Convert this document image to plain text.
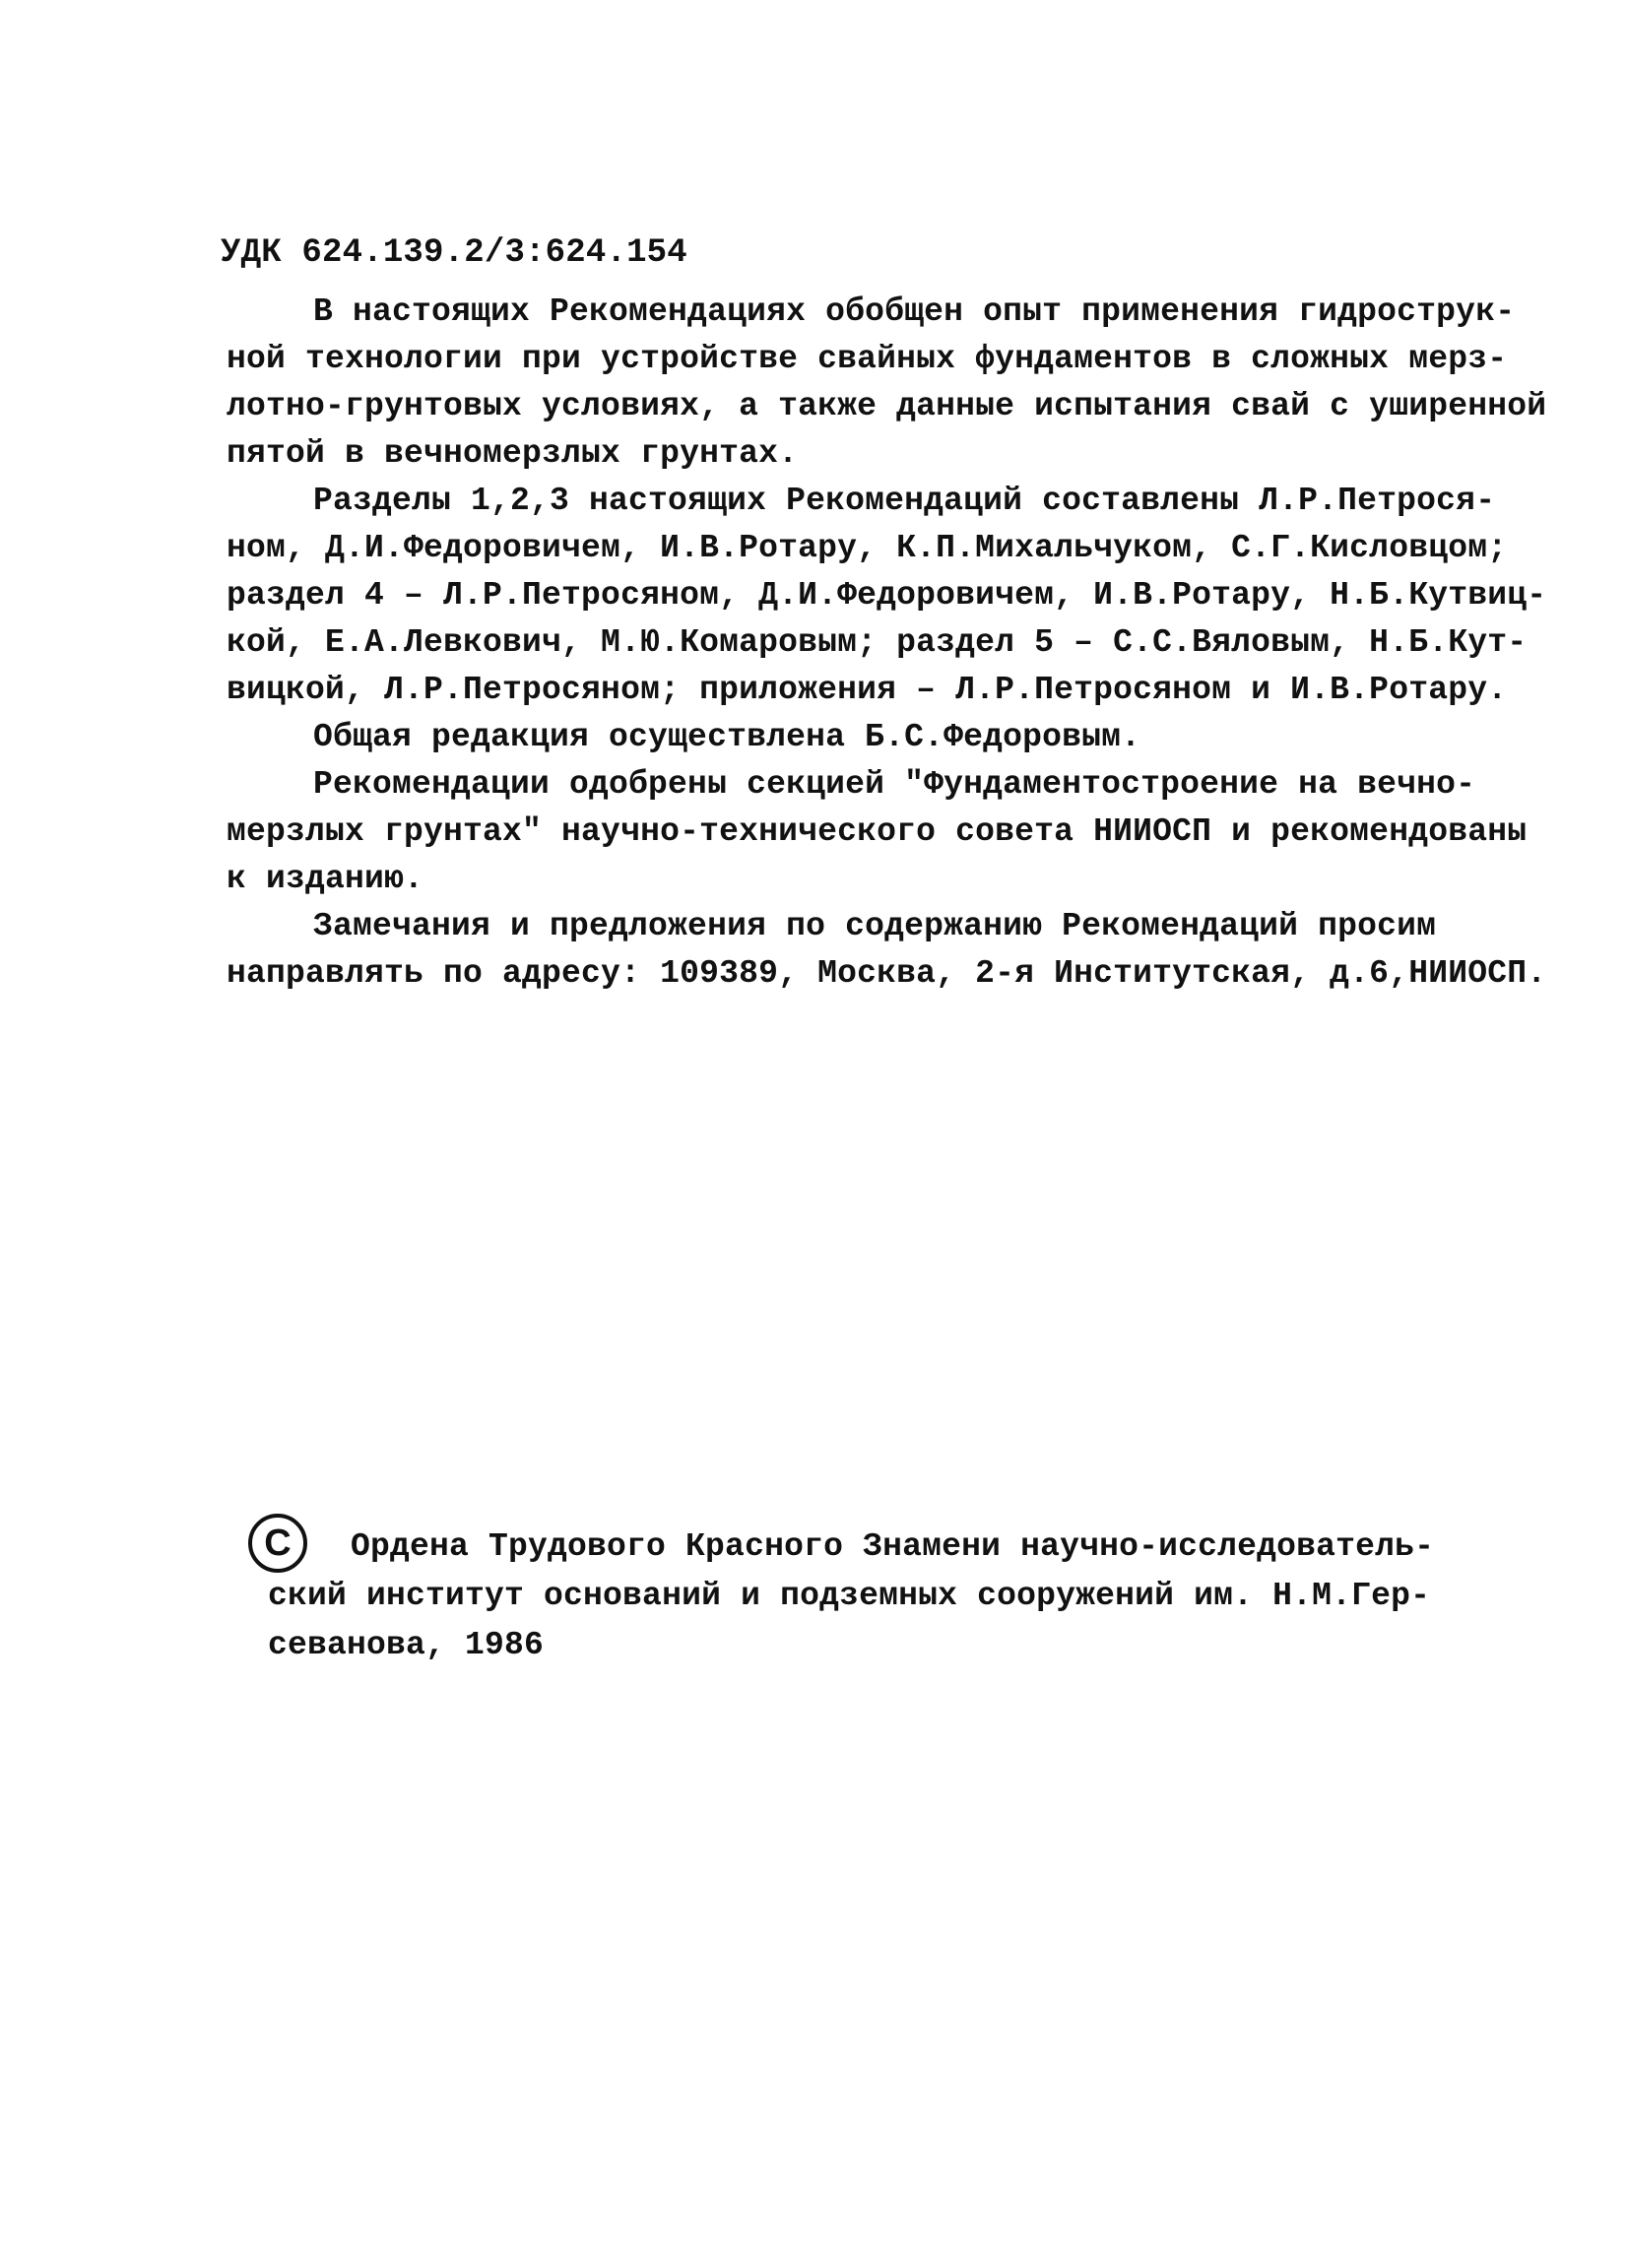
УДК 624.139.2/3:624.154
В настоящих Рекомендациях обобщен опыт применения гидрострук-
ной технологии при устройстве свайных фундаментов в сложных мерз-
лотно-грунтовых условиях, а также данные испытания свай с уширенной
пятой в вечномерзлых грунтах.
Разделы 1,2,3 настоящих Рекомендаций составлены Л.Р.Петрося-
ном, Д.И.Федоровичем, И.В.Ротару, К.П.Михальчуком, С.Г.Кисловцом;
раздел 4 – Л.Р.Петросяном, Д.И.Федоровичем, И.В.Ротару, Н.Б.Кутвиц-
кой, Е.А.Левкович, М.Ю.Комаровым; раздел 5 – С.С.Вяловым, Н.Б.Кут-
вицкой, Л.Р.Петросяном; приложения – Л.Р.Петросяном и И.В.Ротару.
Общая редакция осуществлена Б.С.Федоровым.
Рекомендации одобрены секцией "Фундаментостроение на вечно-
мерзлых грунтах" научно-технического совета НИИОСП и рекомендованы
к изданию.
Замечания и предложения по содержанию Рекомендаций просим
направлять по адресу: 109389, Москва, 2-я Институтская, д.6,НИИОСП.
С	Ордена Трудового Красного Знамени научно-исследователь-
ский институт оснований и подземных сооружений им. Н.М.Гер-
севанова, 1986
